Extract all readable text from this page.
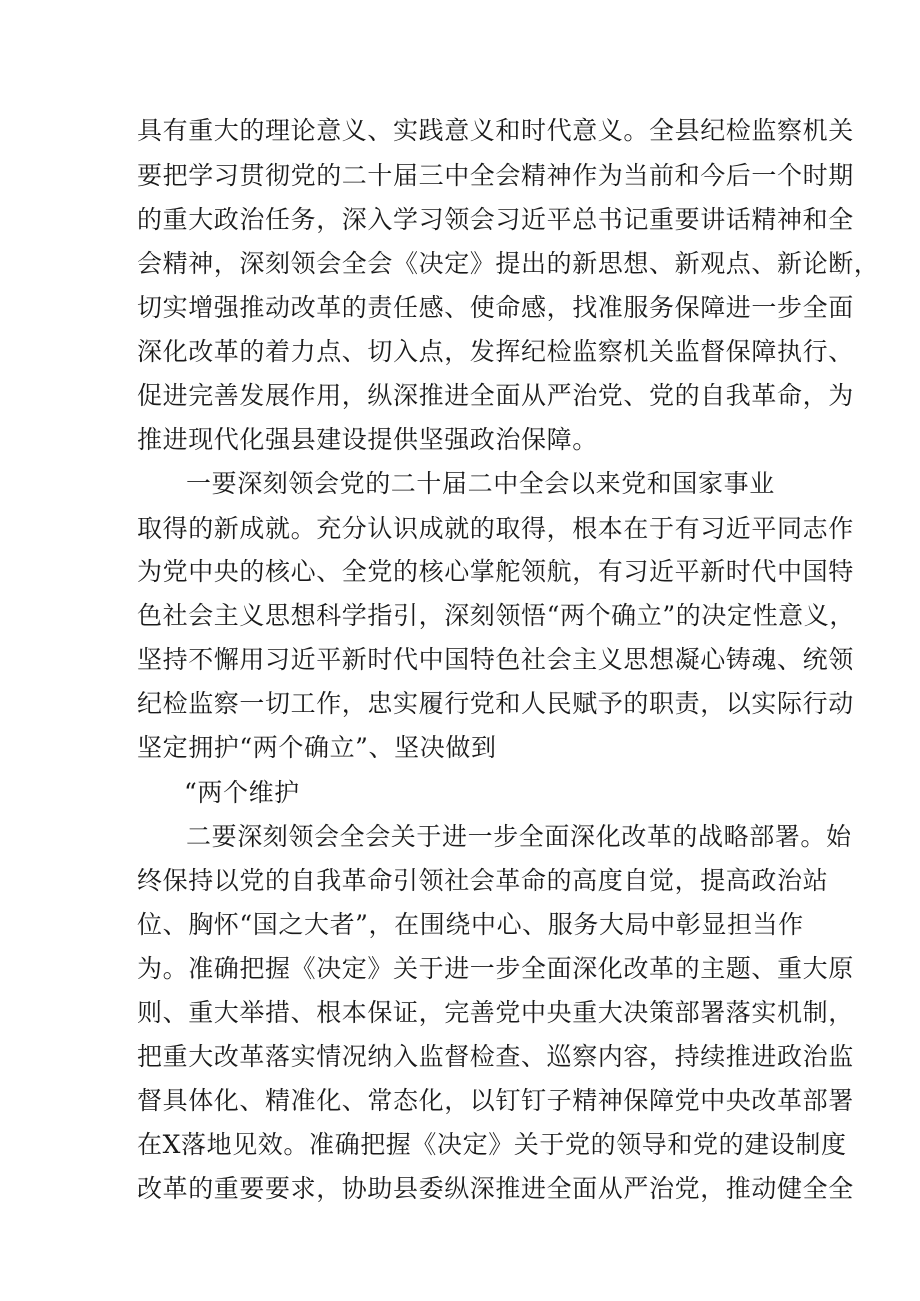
具有重大的理论意义、实践意义和时代意义。全县纪检监察机关

要把学习贯彻党的二十届三中全会精神作为当前和今后一个时期

的重大政治任务，深入学习领会习近平总书记重要讲话精神和全

会精神，深刻领会全会《决定》提出的新思想、新观点、新论断，

切实增强推动改革的责任感、使命感，找准服务保障进一步全面

深化改革的着力点、切入点，发挥纪检监察机关监督保障执行、

促进完善发展作用，纵深推进全面从严治党、党的自我革命，为

推进现代化强县建设提供坚强政治保障。

一要深刻领会党的二十届二中全会以来党和国家事业

取得的新成就。充分认识成就的取得，根本在于有习近平同志作

为党中央的核心、全党的核心掌舵领航，有习近平新时代中国特

色社会主义思想科学指引，深刻领悟“两个确立”的决定性意义，

坚持不懈用习近平新时代中国特色社会主义思想凝心铸魂、统领

纪检监察一切工作，忠实履行党和人民赋予的职责，以实际行动

坚定拥护“两个确立”、坚决做到

“两个维护

二要深刻领会全会关于进一步全面深化改革的战略部署。始

终保持以党的自我革命引领社会革命的高度自觉，提高政治站

位、胸怀“国之大者”，在围绕中心、服务大局中彰显担当作

为。准确把握《决定》关于进一步全面深化改革的主题、重大原

则、重大举措、根本保证，完善党中央重大决策部署落实机制，

把重大改革落实情况纳入监督检查、巡察内容，持续推进政治监

督具体化、精准化、常态化，以钉钉子精神保障党中央改革部署

在X落地见效。准确把握《决定》关于党的领导和党的建设制度

改革的重要要求，协助县委纵深推进全面从严治党，推动健全全
